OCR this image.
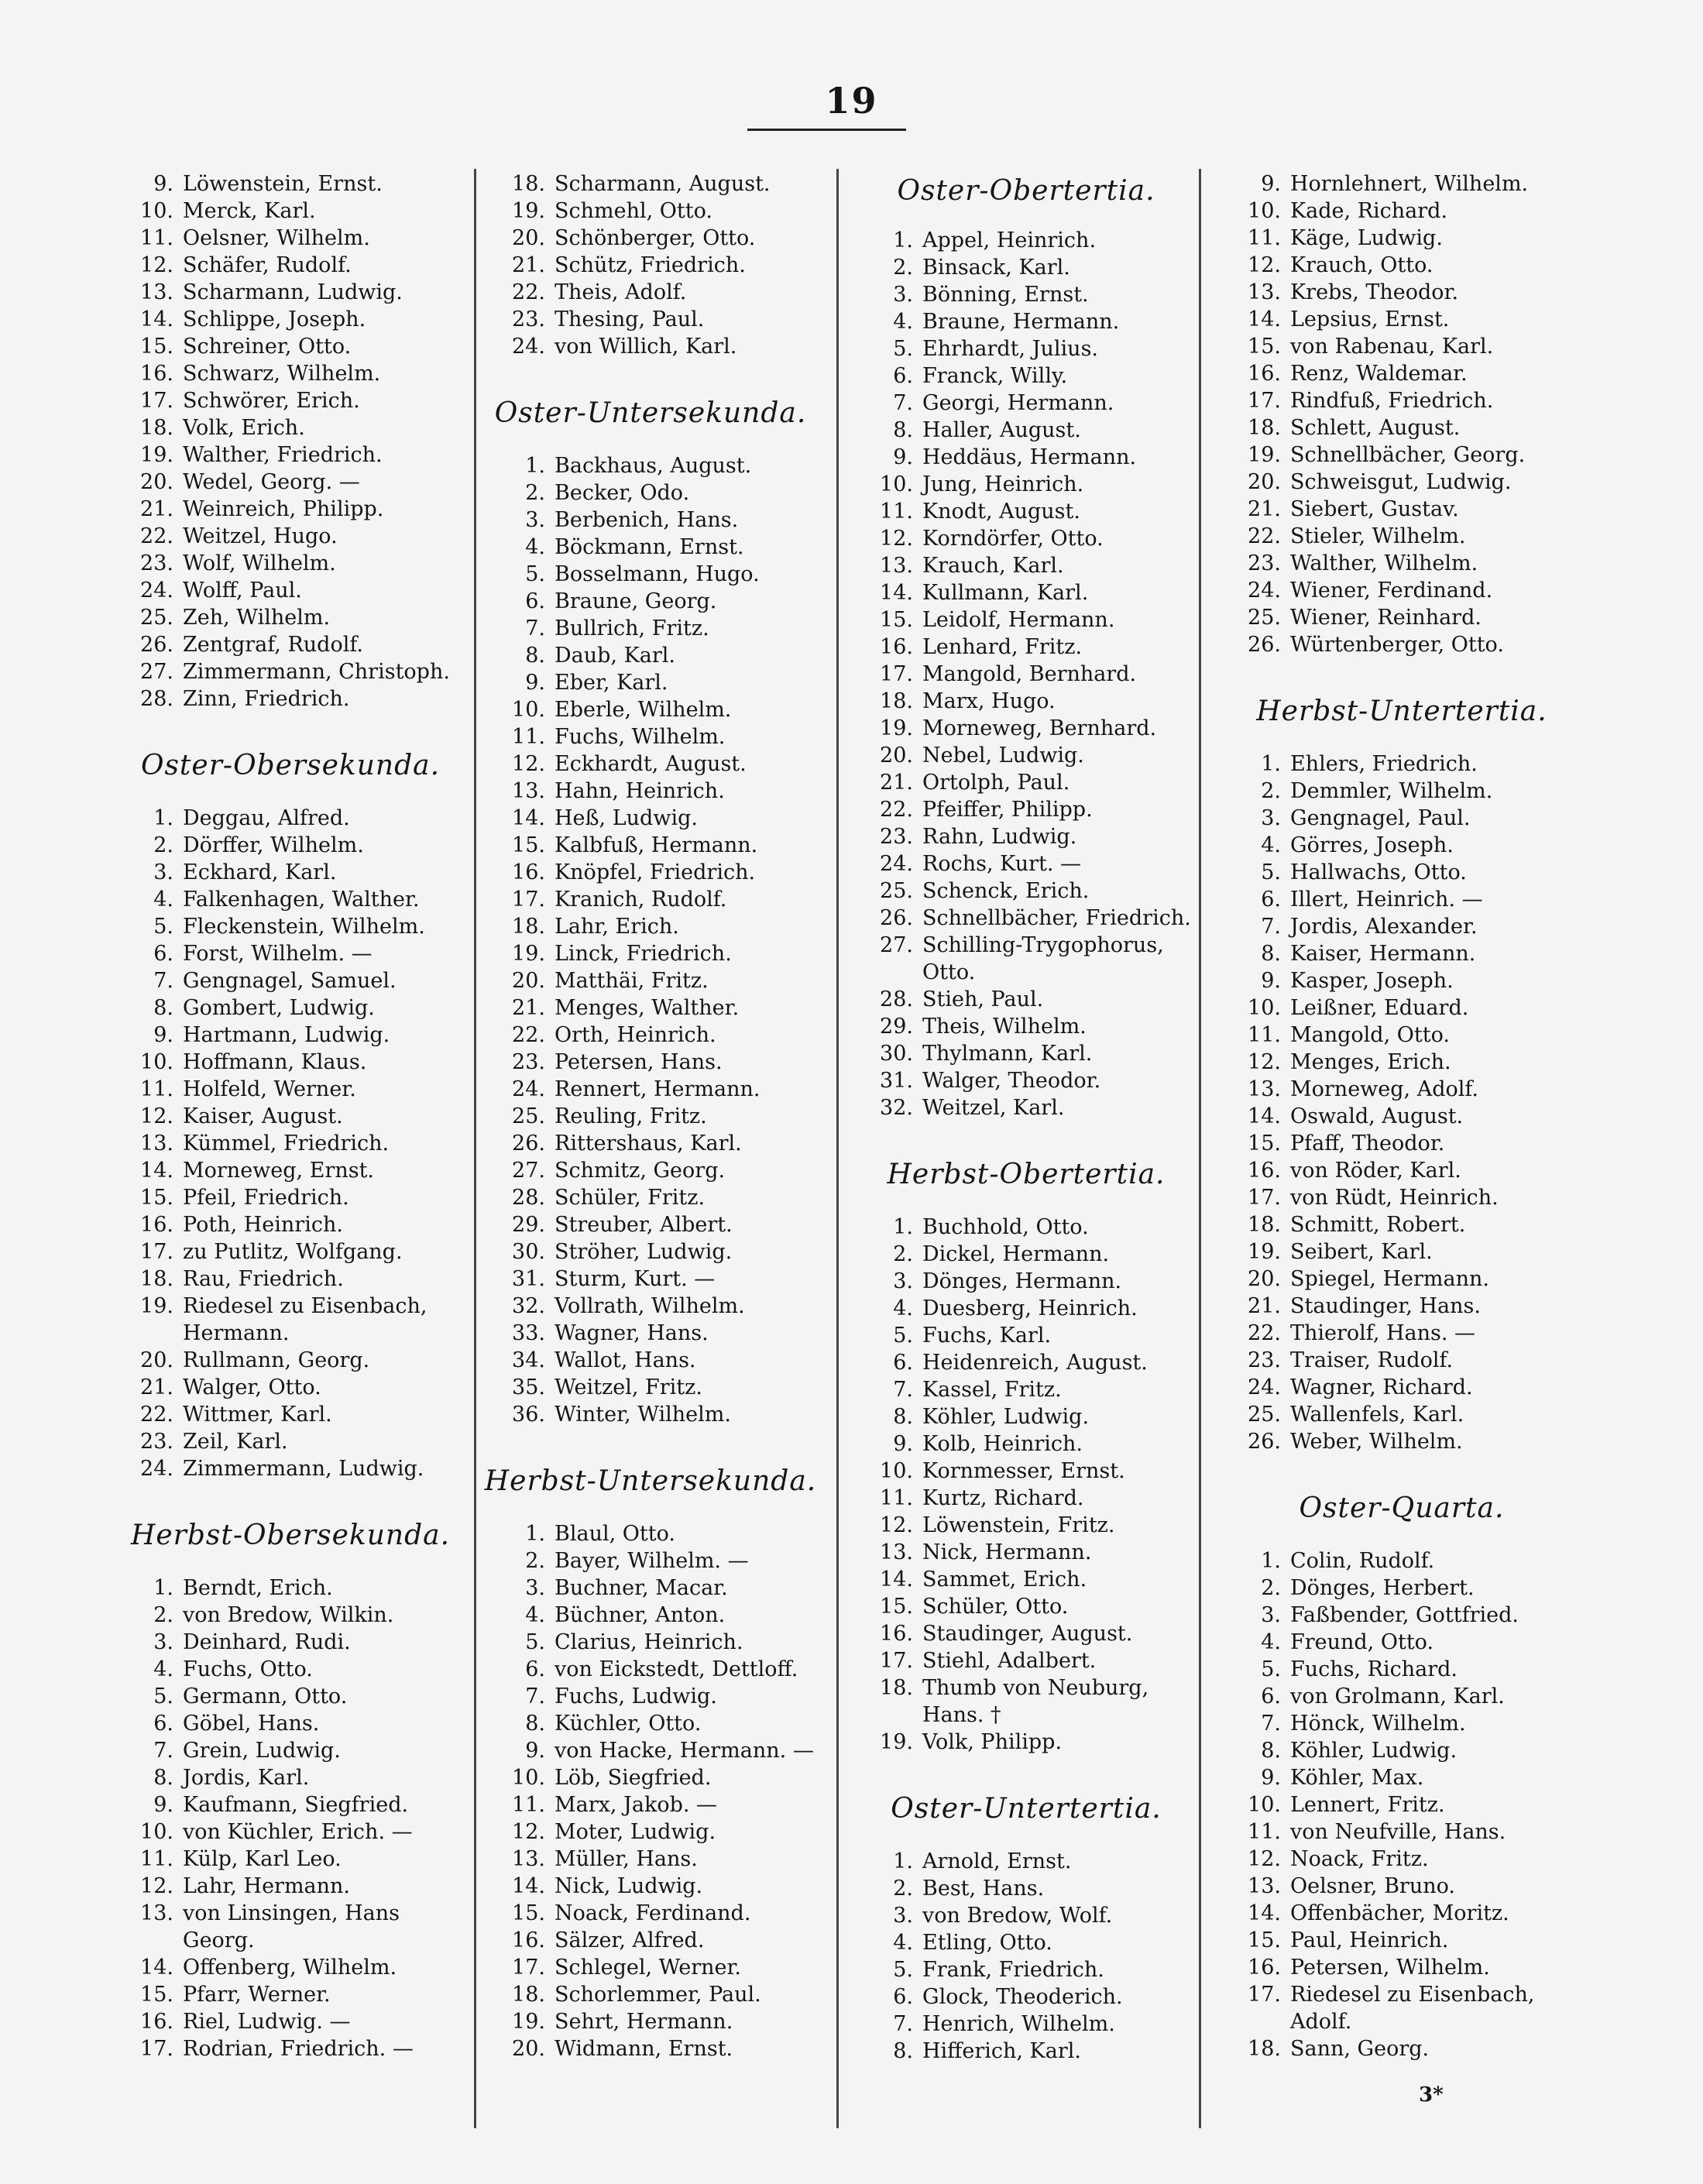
19
9. Löwenstein, Ernst.
10. Merck, Karl.
11. Oelsner, Wilhelm.
12. Schäfer, Rudolf.
13. Scharmann, Ludwig.
14. Schlippe, Joseph.
15. Schreiner, Otto.
16. Schwarz, Wilhelm.
17. Schwörer, Erich.
18. Volk, Erich.
19. Walther, Friedrich.
20. Wedel, Georg. —
21. Weinreich, Philipp.
22. Weitzel, Hugo.
23. Wolf, Wilhelm.
24. Wolff, Paul.
25. Zeh, Wilhelm.
26. Zentgraf, Rudolf.
27. Zimmermann, Christoph.
28. Zinn, Friedrich.
Oster-Obersekunda.
1. Deggau, Alfred.
2. Dörffer, Wilhelm.
3. Eckhard, Karl.
4. Falkenhagen, Walther.
5. Fleckenstein, Wilhelm.
6. Forst, Wilhelm. —
7. Gengnagel, Samuel.
8. Gombert, Ludwig.
9. Hartmann, Ludwig.
10. Hoffmann, Klaus.
11. Holfeld, Werner.
12. Kaiser, August.
13. Kümmel, Friedrich.
14. Morneweg, Ernst.
15. Pfeil, Friedrich.
16. Poth, Heinrich.
17. zu Putlitz, Wolfgang.
18. Rau, Friedrich.
19. Riedesel zu Eisenbach,
Hermann.
20. Rullmann, Georg.
21. Walger, Otto.
22. Wittmer, Karl.
23. Zeil, Karl.
24. Zimmermann, Ludwig.
Herbst-Obersekunda.
1. Berndt, Erich.
2. von Bredow, Wilkin.
3. Deinhard, Rudi.
4. Fuchs, Otto.
5. Germann, Otto.
6. Göbel, Hans.
7. Grein, Ludwig.
8. Jordis, Karl.
9. Kaufmann, Siegfried.
10. von Küchler, Erich. —
11. Külp, Karl Leo.
12. Lahr, Hermann.
13. von Linsingen, Hans
Georg.
14. Offenberg, Wilhelm.
15. Pfarr, Werner.
16. Riel, Ludwig. —
17. Rodrian, Friedrich. —
18. Scharmann, August.
19. Schmehl, Otto.
20. Schönberger, Otto.
21. Schütz, Friedrich.
22. Theis, Adolf.
23. Thesing, Paul.
24. von Willich, Karl.
Oster-Untersekunda.
1. Backhaus, August.
2. Becker, Odo.
3. Berbenich, Hans.
4. Böckmann, Ernst.
5. Bosselmann, Hugo.
6. Braune, Georg.
7. Bullrich, Fritz.
8. Daub, Karl.
9. Eber, Karl.
10. Eberle, Wilhelm.
11. Fuchs, Wilhelm.
12. Eckhardt, August.
13. Hahn, Heinrich.
14. Heß, Ludwig.
15. Kalbfuß, Hermann.
16. Knöpfel, Friedrich.
17. Kranich, Rudolf.
18. Lahr, Erich.
19. Linck, Friedrich.
20. Matthäi, Fritz.
21. Menges, Walther.
22. Orth, Heinrich.
23. Petersen, Hans.
24. Rennert, Hermann.
25. Reuling, Fritz.
26. Rittershaus, Karl.
27. Schmitz, Georg.
28. Schüler, Fritz.
29. Streuber, Albert.
30. Ströher, Ludwig.
31. Sturm, Kurt. —
32. Vollrath, Wilhelm.
33. Wagner, Hans.
34. Wallot, Hans.
35. Weitzel, Fritz.
36. Winter, Wilhelm.
Herbst-Untersekunda.
1. Blaul, Otto.
2. Bayer, Wilhelm. —
3. Buchner, Macar.
4. Büchner, Anton.
5. Clarius, Heinrich.
6. von Eickstedt, Dettloff.
7. Fuchs, Ludwig.
8. Küchler, Otto.
9. von Hacke, Hermann. —
10. Löb, Siegfried.
11. Marx, Jakob. —
12. Moter, Ludwig.
13. Müller, Hans.
14. Nick, Ludwig.
15. Noack, Ferdinand.
16. Sälzer, Alfred.
17. Schlegel, Werner.
18. Schorlemmer, Paul.
19. Sehrt, Hermann.
20. Widmann, Ernst.
Oster-Obertertia.
1. Appel, Heinrich.
2. Binsack, Karl.
3. Bönning, Ernst.
4. Braune, Hermann.
5. Ehrhardt, Julius.
6. Franck, Willy.
7. Georgi, Hermann.
8. Haller, August.
9. Heddäus, Hermann.
10. Jung, Heinrich.
11. Knodt, August.
12. Korndörfer, Otto.
13. Krauch, Karl.
14. Kullmann, Karl.
15. Leidolf, Hermann.
16. Lenhard, Fritz.
17. Mangold, Bernhard.
18. Marx, Hugo.
19. Morneweg, Bernhard.
20. Nebel, Ludwig.
21. Ortolph, Paul.
22. Pfeiffer, Philipp.
23. Rahn, Ludwig.
24. Rochs, Kurt. —
25. Schenck, Erich.
26. Schnellbächer, Friedrich.
27. Schilling-Trygophorus,
Otto.
28. Stieh, Paul.
29. Theis, Wilhelm.
30. Thylmann, Karl.
31. Walger, Theodor.
32. Weitzel, Karl.
Herbst-Obertertia.
1. Buchhold, Otto.
2. Dickel, Hermann.
3. Dönges, Hermann.
4. Duesberg, Heinrich.
5. Fuchs, Karl.
6. Heidenreich, August.
7. Kassel, Fritz.
8. Köhler, Ludwig.
9. Kolb, Heinrich.
10. Kornmesser, Ernst.
11. Kurtz, Richard.
12. Löwenstein, Fritz.
13. Nick, Hermann.
14. Sammet, Erich.
15. Schüler, Otto.
16. Staudinger, August.
17. Stiehl, Adalbert.
18. Thumb von Neuburg,
Hans. †
19. Volk, Philipp.
Oster-Untertertia.
1. Arnold, Ernst.
2. Best, Hans.
3. von Bredow, Wolf.
4. Etling, Otto.
5. Frank, Friedrich.
6. Glock, Theoderich.
7. Henrich, Wilhelm.
8. Hifferich, Karl.
9. Hornlehnert, Wilhelm.
10. Kade, Richard.
11. Käge, Ludwig.
12. Krauch, Otto.
13. Krebs, Theodor.
14. Lepsius, Ernst.
15. von Rabenau, Karl.
16. Renz, Waldemar.
17. Rindfuß, Friedrich.
18. Schlett, August.
19. Schnellbächer, Georg.
20. Schweisgut, Ludwig.
21. Siebert, Gustav.
22. Stieler, Wilhelm.
23. Walther, Wilhelm.
24. Wiener, Ferdinand.
25. Wiener, Reinhard.
26. Würtenberger, Otto.
Herbst-Untertertia.
1. Ehlers, Friedrich.
2. Demmler, Wilhelm.
3. Gengnagel, Paul.
4. Görres, Joseph.
5. Hallwachs, Otto.
6. Illert, Heinrich. —
7. Jordis, Alexander.
8. Kaiser, Hermann.
9. Kasper, Joseph.
10. Leißner, Eduard.
11. Mangold, Otto.
12. Menges, Erich.
13. Morneweg, Adolf.
14. Oswald, August.
15. Pfaff, Theodor.
16. von Röder, Karl.
17. von Rüdt, Heinrich.
18. Schmitt, Robert.
19. Seibert, Karl.
20. Spiegel, Hermann.
21. Staudinger, Hans.
22. Thierolf, Hans. —
23. Traiser, Rudolf.
24. Wagner, Richard.
25. Wallenfels, Karl.
26. Weber, Wilhelm.
Oster-Quarta.
1. Colin, Rudolf.
2. Dönges, Herbert.
3. Faßbender, Gottfried.
4. Freund, Otto.
5. Fuchs, Richard.
6. von Grolmann, Karl.
7. Hönck, Wilhelm.
8. Köhler, Ludwig.
9. Köhler, Max.
10. Lennert, Fritz.
11. von Neufville, Hans.
12. Noack, Fritz.
13. Oelsner, Bruno.
14. Offenbächer, Moritz.
15. Paul, Heinrich.
16. Petersen, Wilhelm.
17. Riedesel zu Eisenbach,
Adolf.
18. Sann, Georg.
3*
